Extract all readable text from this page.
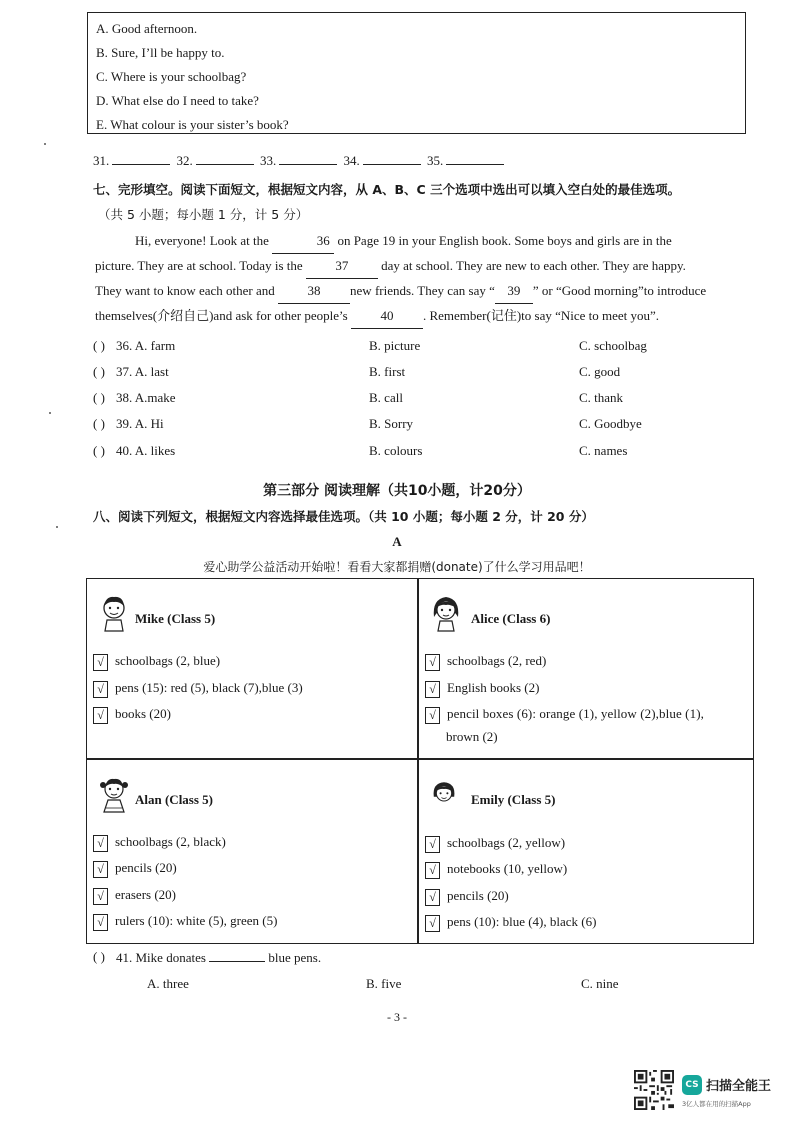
A. Good afternoon.
B. Sure, I’ll be happy to.
C. Where is your schoolbag?
D. What else do I need to take?
E. What colour is your sister’s book?
31.	32.	33.	34.	35.
七、完形填空。阅读下面短文，根据短文内容，从 A、B、C 三个选项中选出可以填入空白处的最佳选项。
（共 5 小题；每小题 1 分，计 5 分）
Hi, everyone! Look at the	36 on Page 19 in your English book. Some boys and girls are in the
picture. They are at school. Today is the	37	day at school. They are new to each other. They are happy.
They want to know each other and	38 new friends. They can say “ 39 ” or “Good morning”to introduce
themselves(介绍自己)and ask for other people’s	40 . Remember(记住)to say “Nice to meet you”.
( ) 36. A. farm	B. picture	C. schoolbag
( ) 37. A. last	B. first	C. good
( ) 38. A.make	B. call	C. thank
( ) 39. A. Hi	B. Sorry	C. Goodbye
( ) 40. A. likes	B. colours	C. names
第三部分 阅读理解（共10小题，计20分）
八、阅读下列短文，根据短文内容选择最佳选项。（共 10 小题；每小题 2 分，计 20 分）
A
爱心助学公益活动开始啦！看看大家都捐赠(donate)了什么学习用品吧！
Mike (Class 5)
√ schoolbags (2, blue)
√ pens (15): red (5), black (7),blue (3)
√ books (20)
Alice (Class 6)
√ schoolbags (2, red)
√ English books (2)
√ pencil boxes (6): orange (1), yellow (2),blue (1),
brown (2)
Alan (Class 5)
√ schoolbags (2, black)
√ pencils (20)
√ erasers (20)
√ rulers (10): white (5), green (5)
Emily (Class 5)
√ schoolbags (2, yellow)
√ notebooks (10, yellow)
√ pencils (20)
√ pens (10): blue (4), black (6)
( ) 41. Mike donates	blue pens.
A. three	B. five	C. nine
- 3 -
CS 扫描全能王
3亿人都在用的扫描App
